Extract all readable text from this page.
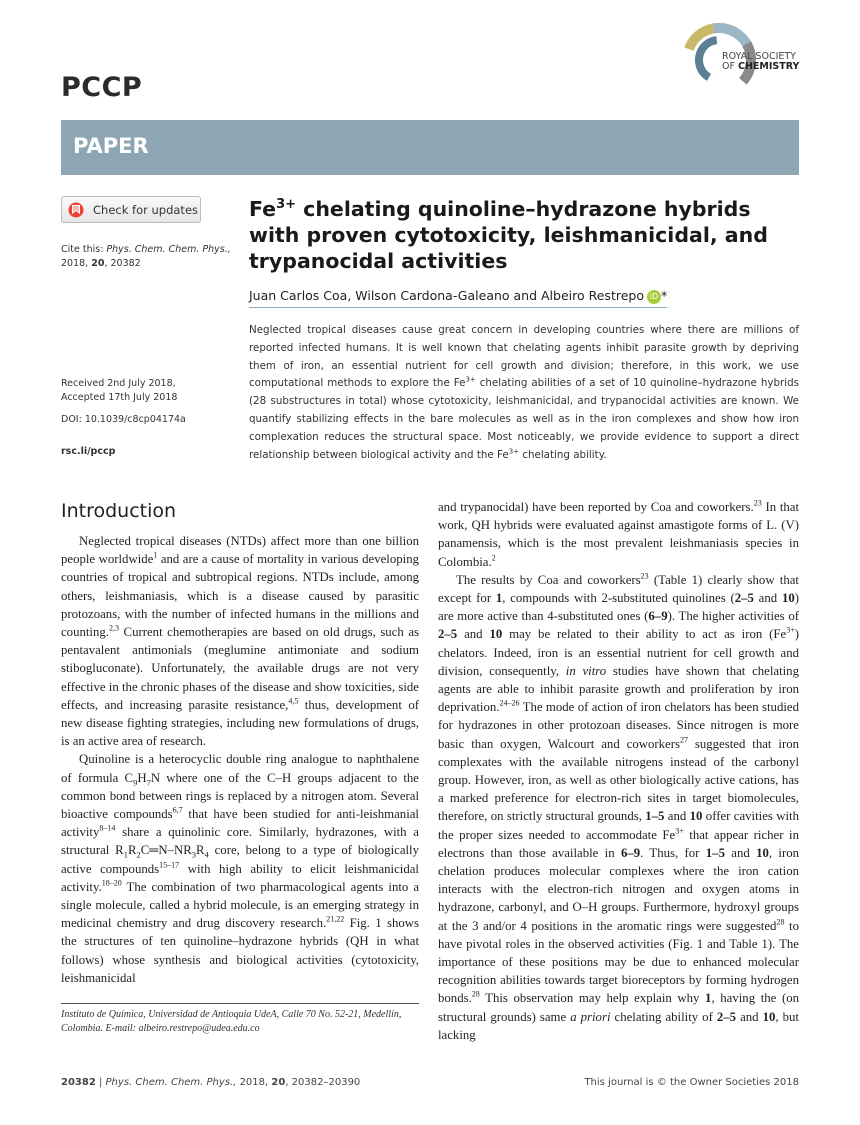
PCCP
ROYAL SOCIETY
OF CHEMISTRY
PAPER
Check for updates
Cite this: Phys. Chem. Chem. Phys.,
2018, 20, 20382
Received 2nd July 2018,
Accepted 17th July 2018
DOI: 10.1039/c8cp04174a
rsc.li/pccp
$Fe^{3+}$ chelating quinoline–hydrazone hybrids with proven cytotoxicity, leishmanicidal, and trypanocidal activities
Juan Carlos Coa, Wilson Cardona-Galeano and Albeiro Restrepo iD *
Neglected tropical diseases cause great concern in developing countries where there are millions of reported infected humans. It is well known that chelating agents inhibit parasite growth by depriving them of iron, an essential nutrient for cell growth and division; therefore, in this work, we use computational methods to explore the $Fe^{3+}$ chelating abilities of a set of 10 quinoline–hydrazone hybrids (28 substructures in total) whose cytotoxicity, leishmanicidal, and trypanocidal activities are known. We quantify stabilizing effects in the bare molecules as well as in the iron complexes and show how iron complexation reduces the structural space. Most noticeably, we provide evidence to support a direct relationship between biological activity and the $Fe^{3+}$ chelating ability.
Introduction

Neglected tropical diseases (NTDs) affect more than one billion people worldwide$^1$ and are a cause of mortality in various developing countries of tropical and subtropical regions. NTDs include, among others, leishmaniasis, which is a disease caused by parasitic protozoans, with the number of infected humans in the millions and counting.$^{2,3}$ Current chemotherapies are based on old drugs, such as pentavalent antimonials (meglumine antimoniate and sodium stibogluconate). Unfortunately, the available drugs are not very effective in the chronic phases of the disease and show toxicities, side effects, and increasing parasite resistance,$^{4,5}$ thus, development of new disease fighting strategies, including new formulations of drugs, is an active area of research.

Quinoline is a heterocyclic double ring analogue to naphthalene of formula $C_9H_7N$ where one of the C–H groups adjacent to the common bond between rings is replaced by a nitrogen atom. Several bioactive compounds$^{6,7}$ that have been studied for anti-leishmanial activity$^{8-14}$ share a quinolinic core. Similarly, hydrazones, with a structural $R_1R_2C═N-NR_3R_4$ core, belong to a type of biologically active compounds$^{15-17}$ with high ability to elicit leishmanicidal activity.$^{18-20}$ The combination of two pharmacological agents into a single molecule, called a hybrid molecule, is an emerging strategy in medicinal chemistry and drug discovery research.$^{21,22}$ Fig. 1 shows the structures of ten quinoline–hydrazone hybrids (QH in what follows) whose synthesis and biological activities (cytotoxicity, leishmanicidal

and trypanocidal) have been reported by Coa and coworkers.$^{23}$ In that work, QH hybrids were evaluated against amastigote forms of L. (V) panamensis, which is the most prevalent leishmaniasis species in Colombia.$^2$

The results by Coa and coworkers$^{23}$ (Table 1) clearly show that except for 1, compounds with 2-substituted quinolines (2–5 and 10) are more active than 4-substituted ones (6–9). The higher activities of 2–5 and 10 may be related to their ability to act as iron $(Fe^{3+})$ chelators. Indeed, iron is an essential nutrient for cell growth and division, consequently, in vitro studies have shown that chelating agents are able to inhibit parasite growth and proliferation by iron deprivation.$^{24-26}$ The mode of action of iron chelators has been studied for hydrazones in other protozoan diseases. Since nitrogen is more basic than oxygen, Walcourt and coworkers$^{27}$ suggested that iron complexates with the available nitrogens instead of the carbonyl group. However, iron, as well as other biologically active cations, has a marked preference for electron-rich sites in target biomolecules, therefore, on strictly structural grounds, 1–5 and 10 offer cavities with the proper sizes needed to accommodate $Fe^{3+}$ that appear richer in electrons than those available in 6–9. Thus, for 1–5 and 10, iron chelation produces molecular complexes where the iron cation interacts with the electron-rich nitrogen and oxygen atoms in hydrazone, carbonyl, and O–H groups. Furthermore, hydroxyl groups at the 3 and/or 4 positions in the aromatic rings were suggested$^{28}$ to have pivotal roles in the observed activities (Fig. 1 and Table 1). The importance of these positions may be due to enhanced molecular recognition abilities towards target bioreceptors by forming hydrogen bonds.$^{28}$ This observation may help explain why 1, having the (on structural grounds) same a priori chelating ability of 2–5 and 10, but lacking

Instituto de Química, Universidad de Antioquia UdeA, Calle 70 No. 52-21, Medellín, Colombia. E-mail: albeiro.restrepo@udea.edu.co
20382 | Phys. Chem. Chem. Phys., 2018, 20, 20382–20390	This journal is © the Owner Societies 2018
